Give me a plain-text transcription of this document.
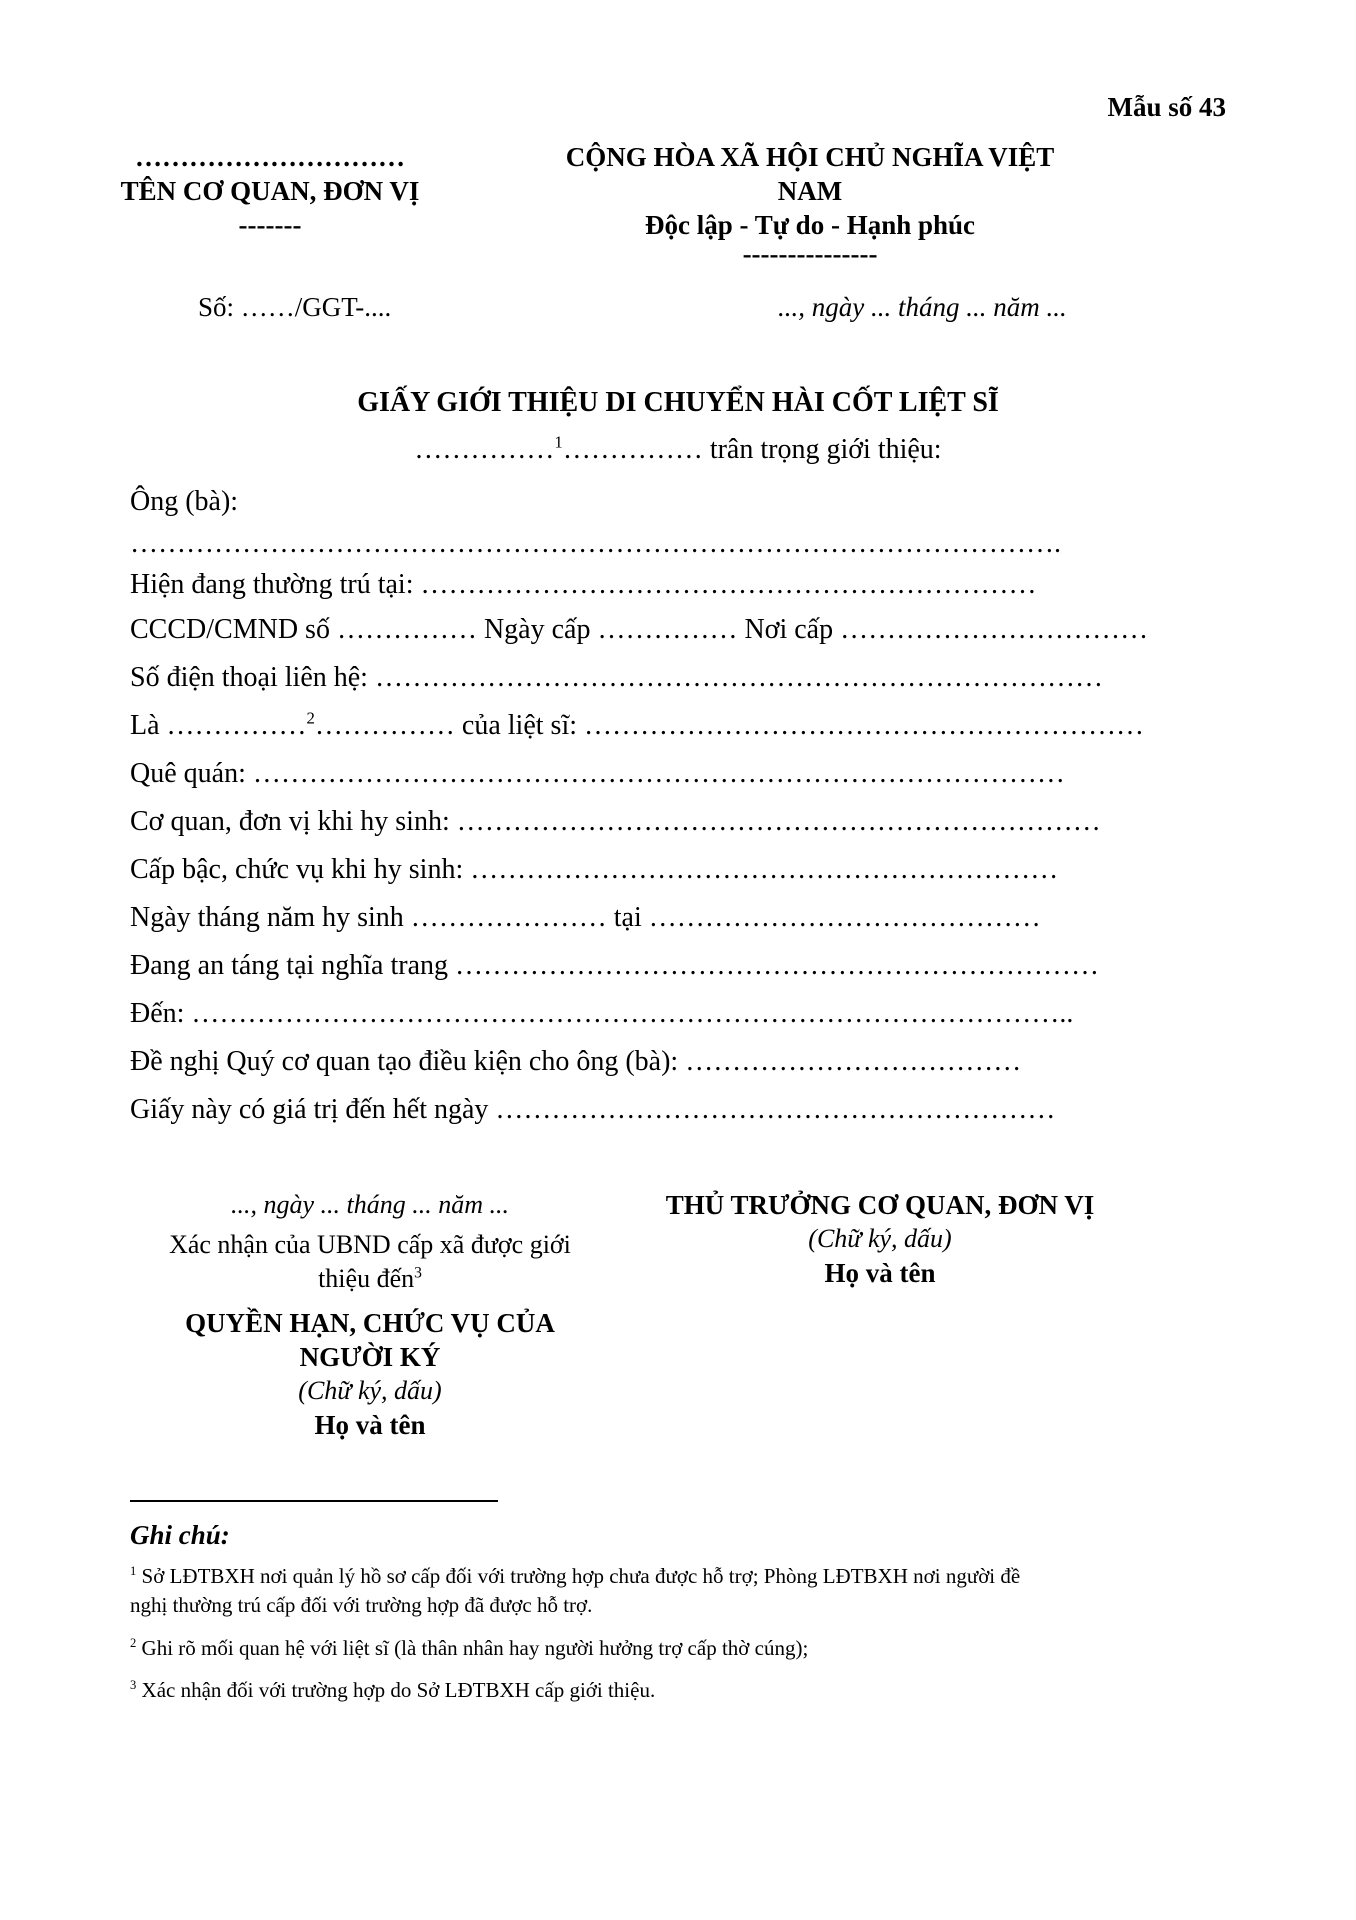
Mẫu số 43
…………………………
TÊN CƠ QUAN, ĐƠN VỊ
-------
CỘNG HÒA XÃ HỘI CHỦ NGHĨA VIỆT
NAM
Độc lập - Tự do - Hạnh phúc
---------------
Số: ……/GGT-....	..., ngày ... tháng ... năm ...
GIẤY GIỚI THIỆU DI CHUYỂN HÀI CỐT LIỆT SĨ
……………$^1$…………… trân trọng giới thiệu:
Ông (bà):
……………………………………………………………………………………….
Hiện đang thường trú tại: …………………………………………………………
CCCD/CMND số …………… Ngày cấp …………… Nơi cấp ……………………………
Số điện thoại liên hệ: ……………………………………………………………………
Là ……………$^2$…………… của liệt sĩ: ……………………………………………………
Quê quán: ……………………………………………………………………………
Cơ quan, đơn vị khi hy sinh: ……………………………………………………………
Cấp bậc, chức vụ khi hy sinh: ………………………………………………………
Ngày tháng năm hy sinh ………………… tại ……………………………………
Đang an táng tại nghĩa trang ……………………………………………………………
Đến: …………………………………………………………………………………..
Đề nghị Quý cơ quan tạo điều kiện cho ông (bà): ………………………………
Giấy này có giá trị đến hết ngày ……………………………………………………
..., ngày ... tháng ... năm ...
Xác nhận của UBND cấp xã được giới
thiệu đến$^3$
QUYỀN HẠN, CHỨC VỤ CỦA
NGƯỜI KÝ
(Chữ ký, dấu)
Họ và tên
THỦ TRƯỞNG CƠ QUAN, ĐƠN VỊ
(Chữ ký, dấu)
Họ và tên
Ghi chú:
$^1$ Sở LĐTBXH nơi quản lý hồ sơ cấp đối với trường hợp chưa được hỗ trợ; Phòng LĐTBXH nơi người đề
nghị thường trú cấp đối với trường hợp đã được hỗ trợ.
$^2$ Ghi rõ mối quan hệ với liệt sĩ (là thân nhân hay người hưởng trợ cấp thờ cúng);
$^3$ Xác nhận đối với trường hợp do Sở LĐTBXH cấp giới thiệu.
